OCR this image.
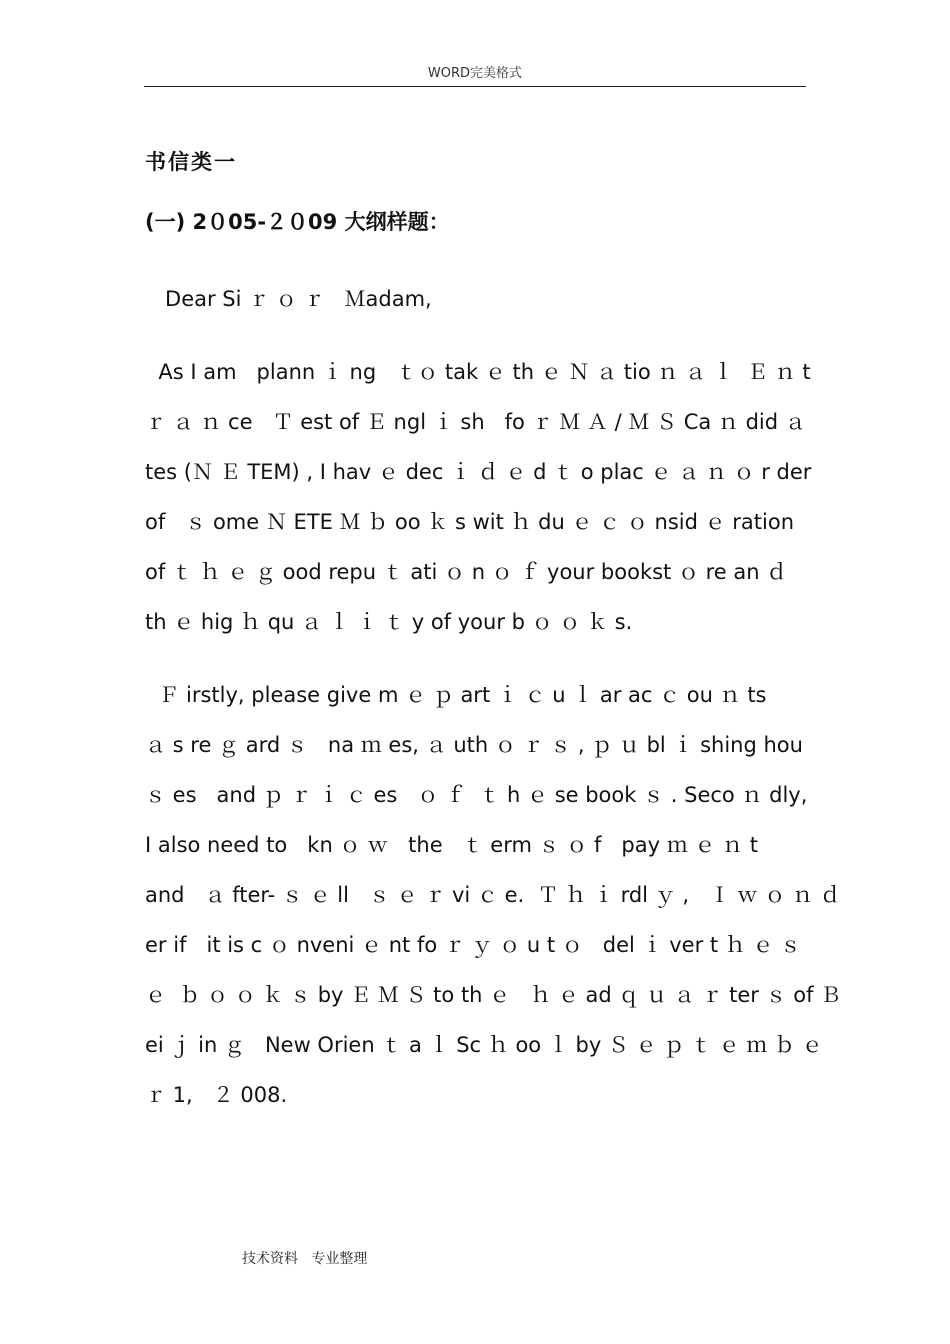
WORD完美格式
书信类一
(一) 2０05-２０09 大纲样题：
Dear Si ｒ ｏ ｒ   Ｍadam,
As I am   plann ｉ ng   ｔｏ tak ｅ th ｅ Ｎ ａ tio ｎ ａ ｌ  Ｅ ｎ t
ｒ ａ ｎ ce   Ｔ est of Ｅ ngl ｉ sh   fo ｒ Ｍ Ａ / Ｍ Ｓ Ca ｎ did ａ
tes (Ｎ Ｅ TEM) , I hav ｅ dec ｉ ｄ ｅ d ｔ o plac ｅ ａ ｎ ｏ r der
of   ｓ ome Ｎ ETE Ｍ ｂ oo ｋ s wit ｈ du ｅ ｃ ｏ nsid ｅ ration
of ｔ ｈ ｅ ｇ ood repu ｔ ati ｏ n ｏ ｆ your bookst ｏ re an ｄ
th ｅ hig ｈ qu ａ ｌ ｉ ｔ y of your b ｏ ｏ ｋ s.
Ｆ irstly, please give m ｅ ｐ art ｉ ｃ u ｌ ar ac ｃ ou ｎ ts
ａ s re ｇ ard ｓ   na ｍ es, ａ uth ｏ ｒ ｓ , ｐ ｕ bl ｉ shing hou
ｓ es   and ｐ ｒ ｉ ｃ es   ｏ ｆ  ｔ h ｅ se book ｓ . Seco ｎ dly,
I also need to   kn ｏ ｗ   the   ｔ erm ｓ ｏ f   pay ｍ ｅ ｎ t
and   ａ fter- ｓ ｅ ll   ｓ ｅ ｒ vi ｃ e.  Ｔ ｈ ｉ rdl ｙ ,   Ｉ ｗ ｏ ｎ ｄ
er if   it is c ｏ nveni ｅ nt fo ｒ ｙ ｏ u t ｏ   del ｉ ver t ｈ ｅ ｓ
ｅ  ｂ ｏ ｏ ｋ ｓ by Ｅ Ｍ Ｓ to th ｅ   ｈ ｅ ad ｑ ｕ ａ ｒ ter ｓ of Ｂ
ei ｊ in ｇ   New Orien ｔ a ｌ Sc ｈ oo ｌ by Ｓ ｅ ｐ ｔ ｅ ｍ ｂ ｅ
ｒ 1,   ２ 008.
技术资料   专业整理
